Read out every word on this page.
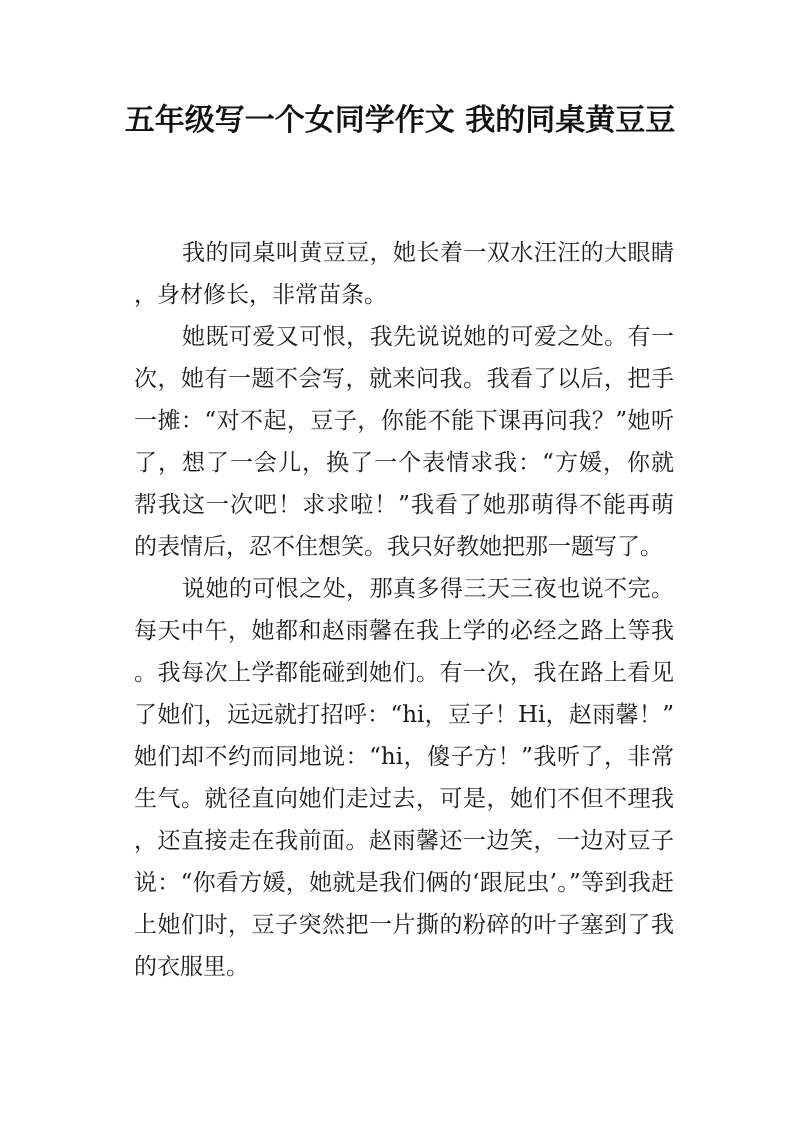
五年级写一个女同学作文 我的同桌黄豆豆

我的同桌叫黄豆豆，她长着一双水汪汪的大眼睛，身材修长，非常苗条。

她既可爱又可恨，我先说说她的可爱之处。有一次，她有一题不会写，就来问我。我看了以后，把手一摊：“对不起，豆子，你能不能下课再问我？”她听了，想了一会儿，换了一个表情求我：“方媛，你就帮我这一次吧！求求啦！”我看了她那萌得不能再萌的表情后，忍不住想笑。我只好教她把那一题写了。

说她的可恨之处，那真多得三天三夜也说不完。每天中午，她都和赵雨馨在我上学的必经之路上等我。我每次上学都能碰到她们。有一次，我在路上看见了她们，远远就打招呼：“hi，豆子！Hi，赵雨馨！”她们却不约而同地说：“hi，傻子方！”我听了，非常生气。就径直向她们走过去，可是，她们不但不理我，还直接走在我前面。赵雨馨还一边笑，一边对豆子说：“你看方媛，她就是我们俩的‘跟屁虫’。”等到我赶上她们时，豆子突然把一片撕的粉碎的叶子塞到了我的衣服里。
